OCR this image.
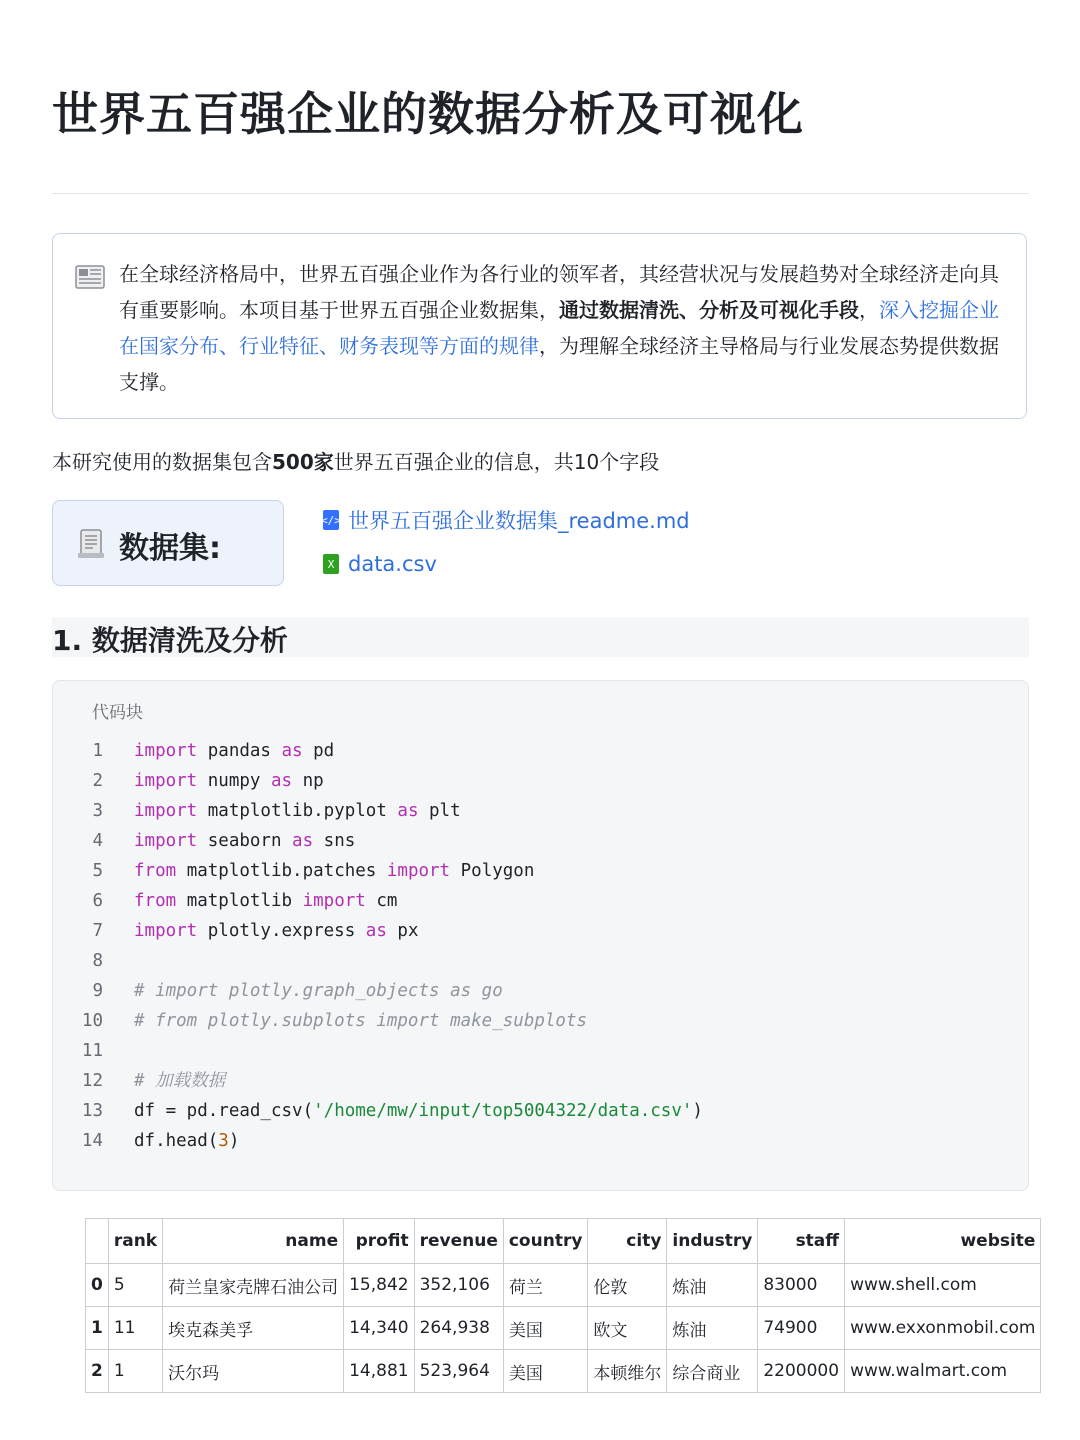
世界五百强企业的数据分析及可视化
在全球经济格局中，世界五百强企业作为各行业的领军者，其经营状况与发展趋势对全球经济走向具有重要影响。本项目基于世界五百强企业数据集，通过数据清洗、分析及可视化手段，深入挖掘企业在国家分布、行业特征、财务表现等方面的规律，为理解全球经济主导格局与行业发展态势提供数据支撑。
本研究使用的数据集包含500家世界五百强企业的信息，共10个字段
数据集:
</> 世界五百强企业数据集_readme.md
X data.csv
1. 数据清洗及分析
代码块
1 import pandas as pd
2 import numpy as np
3 import matplotlib.pyplot as plt
4 import seaborn as sns
5 from matplotlib.patches import Polygon
6 from matplotlib import cm
7 import plotly.express as px
8
9 # import plotly.graph_objects as go
10 # from plotly.subplots import make_subplots
11
12 # 加载数据
13 df = pd.read_csv('/home/mw/input/top5004322/data.csv')
14 df.head(3)
	rank	name	profit	revenue	country	city	industry	staff	website
0	5	荷兰皇家壳牌石油公司	15,842	352,106	荷兰	伦敦	炼油	83000	www.shell.com
1	11	埃克森美孚	14,340	264,938	美国	欧文	炼油	74900	www.exxonmobil.com
2	1	沃尔玛	14,881	523,964	美国	本顿维尔	综合商业	2200000	www.walmart.com
